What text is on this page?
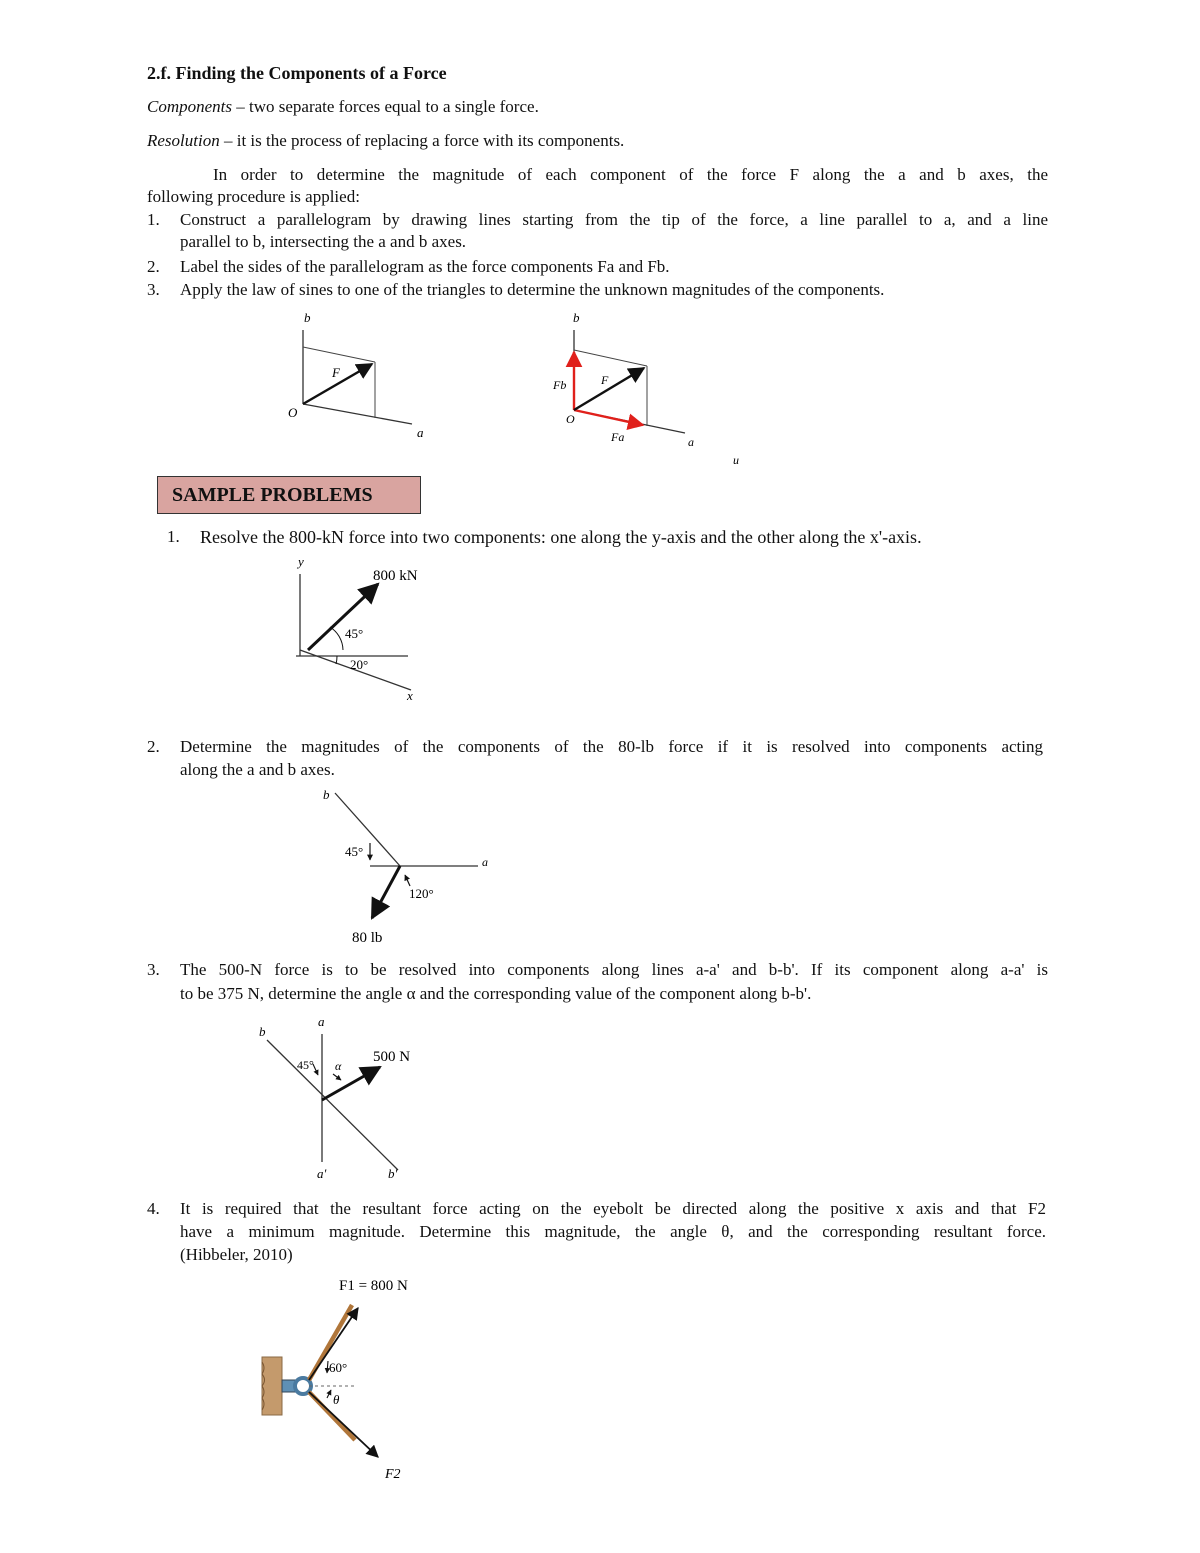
2.f. Finding the Components of a Force
Components – two separate forces equal to a single force.
Resolution – it is the process of replacing a force with its components.
In order to determine the magnitude of each component of the force F along the a and b axes, the
following procedure is applied:
1. Construct a parallelogram by drawing lines starting from the tip of the force, a line parallel to a, and a line
parallel to b, intersecting the a and b axes.
2. Label the sides of the parallelogram as the force components Fa and Fb.
3. Apply the law of sines to one of the triangles to determine the unknown magnitudes of the components.
SAMPLE PROBLEMS
1. Resolve the 800-kN force into two components: one along the y-axis and the other along the x'-axis.
2. Determine the magnitudes of the components of the 80-lb force if it is resolved into components acting
along the a and b axes.
3. The 500-N force is to be resolved into components along lines a-a' and b-b'. If its component along a-a' is
to be 375 N, determine the angle α and the corresponding value of the component along b-b'.
4. It is required that the resultant force acting on the eyebolt be directed along the positive x axis and that F2
have a minimum magnitude. Determine this magnitude, the angle θ, and the corresponding resultant force.
(Hibbeler, 2010)
b
F
O
a
b
Fb	F
O
Fa	a
u
y
800 kN
45°
20°
x
b
a
45°
120°
80 lb
a
b
45° α
500 N
a'	b'
F1 = 800 N
60°
θ
F2
